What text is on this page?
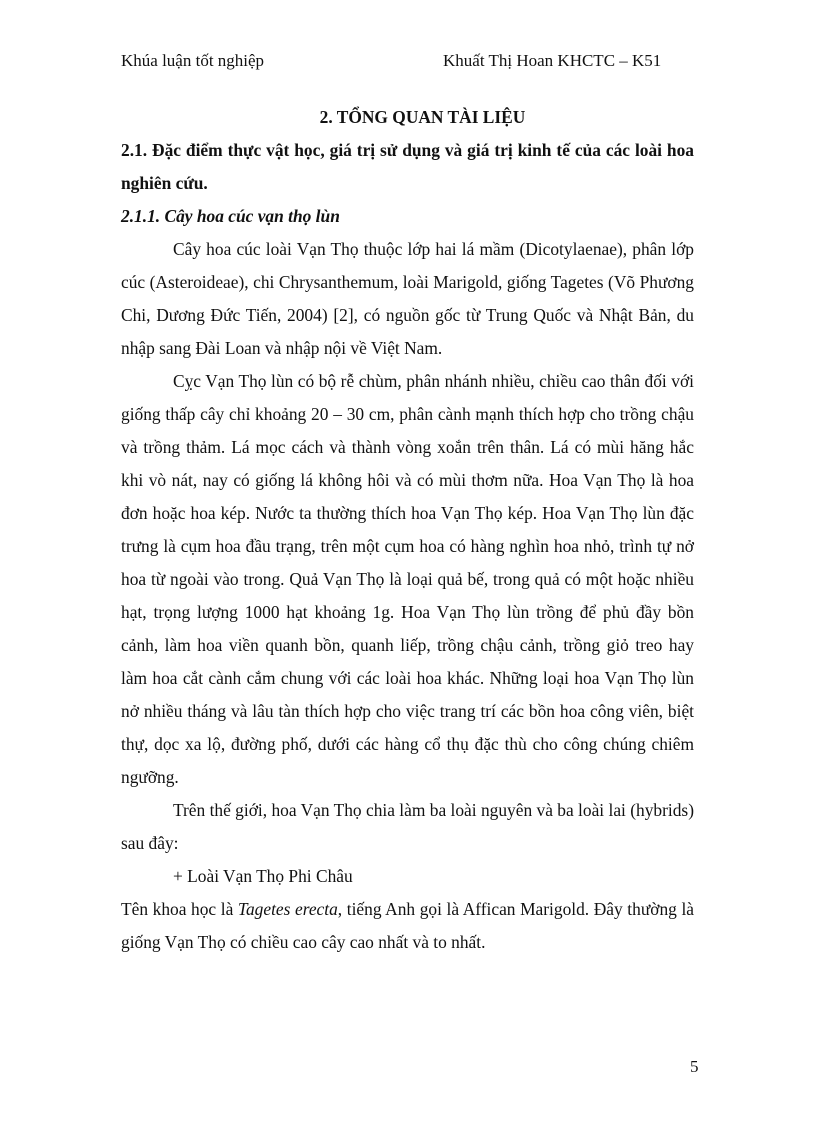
Khúa luận tốt nghiệp	Khuất Thị Hoan KHCTC – K51

2. TỔNG QUAN TÀI LIỆU

2.1. Đặc điểm thực vật học, giá trị sử dụng và giá trị kinh tế của các loài hoa nghiên cứu.

2.1.1. Cây hoa cúc vạn thọ lùn

Cây hoa cúc loài Vạn Thọ thuộc lớp hai lá mầm (Dicotylaenae), phân lớp cúc (Asteroideae), chi Chrysanthemum, loài Marigold, giống Tagetes (Võ Phương Chi, Dương Đức Tiến, 2004) [2], có nguồn gốc từ Trung Quốc và Nhật Bản, du nhập sang Đài Loan và nhập nội về Việt Nam.

Cỵc Vạn Thọ lùn có bộ rễ chùm, phân nhánh nhiều, chiều cao thân đối với giống thấp cây chỉ khoảng 20 – 30 cm, phân cành mạnh thích hợp cho trồng chậu và trồng thảm. Lá mọc cách và thành vòng xoắn trên thân. Lá có mùi hăng hắc khi vò nát, nay có giống lá không hôi và có mùi thơm nữa. Hoa Vạn Thọ là hoa đơn hoặc hoa kép. Nước ta thường thích hoa Vạn Thọ kép. Hoa Vạn Thọ lùn đặc trưng là cụm hoa đầu trạng, trên một cụm hoa có hàng nghìn hoa nhỏ, trình tự nở hoa từ ngoài vào trong. Quả Vạn Thọ là loại quả bế, trong quả có một hoặc nhiều hạt, trọng lượng 1000 hạt khoảng 1g. Hoa Vạn Thọ lùn trồng để phủ đầy bồn cảnh, làm hoa viền quanh bồn, quanh liếp, trồng chậu cảnh, trồng giỏ treo hay làm hoa cắt cành cắm chung với các loài hoa khác. Những loại hoa Vạn Thọ lùn nở nhiều tháng và lâu tàn thích hợp cho việc trang trí các bồn hoa công viên, biệt thự, dọc xa lộ, đường phố, dưới các hàng cổ thụ đặc thù cho công chúng chiêm ngưỡng.

Trên thế giới, hoa Vạn Thọ chia làm ba loài nguyên và ba loài lai (hybrids) sau đây:

+ Loài Vạn Thọ Phi Châu

Tên khoa học là Tagetes erecta, tiếng Anh gọi là Affican Marigold. Đây thường là giống Vạn Thọ có chiều cao cây cao nhất và to nhất.

5
